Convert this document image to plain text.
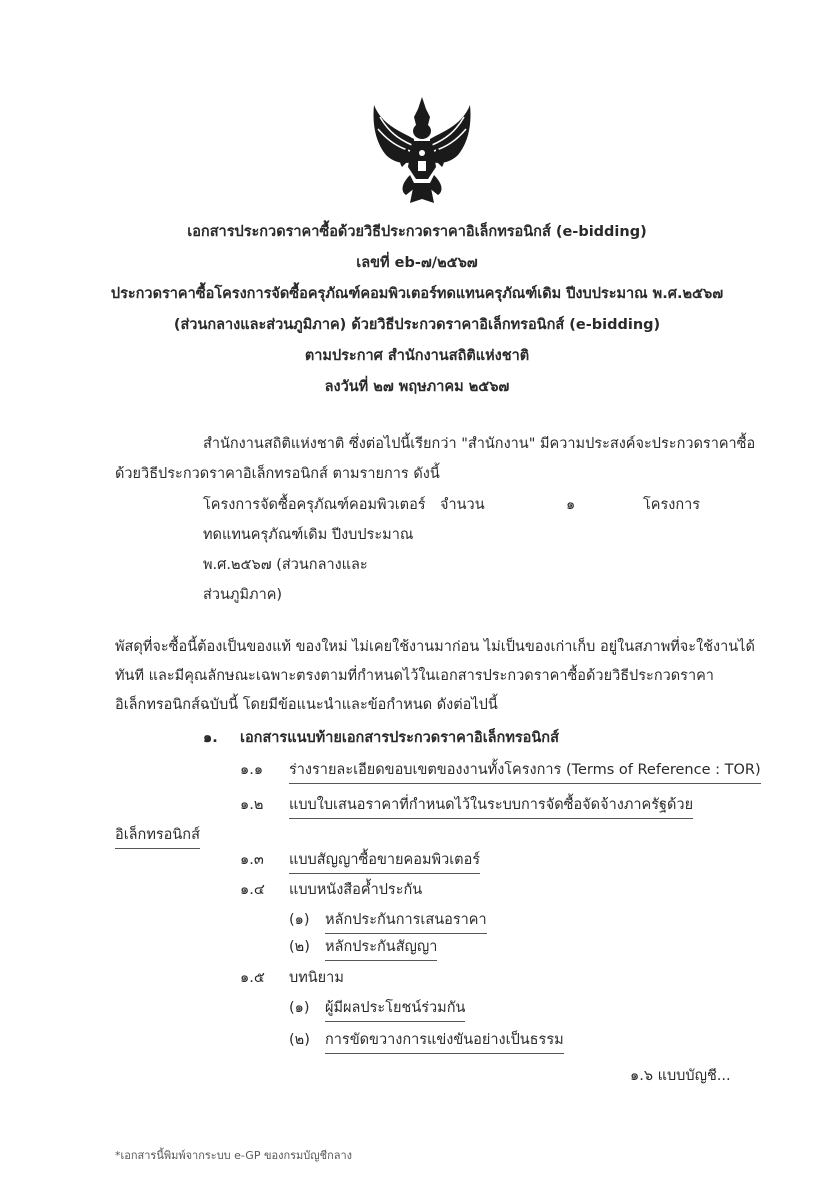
เอกสารประกวดราคาซื้อด้วยวิธีประกวดราคาอิเล็กทรอนิกส์ (e-bidding)
เลขที่ eb-๗/๒๕๖๗
ประกวดราคาซื้อโครงการจัดซื้อครุภัณฑ์คอมพิวเตอร์ทดแทนครุภัณฑ์เดิม ปีงบประมาณ พ.ศ.๒๕๖๗
(ส่วนกลางและส่วนภูมิภาค) ด้วยวิธีประกวดราคาอิเล็กทรอนิกส์ (e-bidding)
ตามประกาศ สำนักงานสถิติแห่งชาติ
ลงวันที่ ๒๗ พฤษภาคม ๒๕๖๗
สำนักงานสถิติแห่งชาติ ซึ่งต่อไปนี้เรียกว่า "สำนักงาน" มีความประสงค์จะประกวดราคาซื้อ
ด้วยวิธีประกวดราคาอิเล็กทรอนิกส์ ตามรายการ ดังนี้
โครงการจัดซื้อครุภัณฑ์คอมพิวเตอร์
ทดแทนครุภัณฑ์เดิม ปีงบประมาณ
พ.ศ.๒๕๖๗ (ส่วนกลางและ
ส่วนภูมิภาค)
จำนวน	๑	โครงการ
พัสดุที่จะซื้อนี้ต้องเป็นของแท้ ของใหม่ ไม่เคยใช้งานมาก่อน ไม่เป็นของเก่าเก็บ อยู่ในสภาพที่จะใช้งานได้
ทันที และมีคุณลักษณะเฉพาะตรงตามที่กำหนดไว้ในเอกสารประกวดราคาซื้อด้วยวิธีประกวดราคา
อิเล็กทรอนิกส์ฉบับนี้ โดยมีข้อแนะนำและข้อกำหนด ดังต่อไปนี้
๑. เอกสารแนบท้ายเอกสารประกวดราคาอิเล็กทรอนิกส์
๑.๑ ร่างรายละเอียดขอบเขตของงานทั้งโครงการ (Terms of Reference : TOR)
๑.๒ แบบใบเสนอราคาที่กำหนดไว้ในระบบการจัดซื้อจัดจ้างภาครัฐด้วย
อิเล็กทรอนิกส์
๑.๓ แบบสัญญาซื้อขายคอมพิวเตอร์
๑.๔ แบบหนังสือค้ำประกัน
(๑) หลักประกันการเสนอราคา
(๒) หลักประกันสัญญา
๑.๕ บทนิยาม
(๑) ผู้มีผลประโยชน์ร่วมกัน
(๒) การขัดขวางการแข่งขันอย่างเป็นธรรม
๑.๖ แบบบัญชี...
*เอกสารนี้พิมพ์จากระบบ e-GP ของกรมบัญชีกลาง
